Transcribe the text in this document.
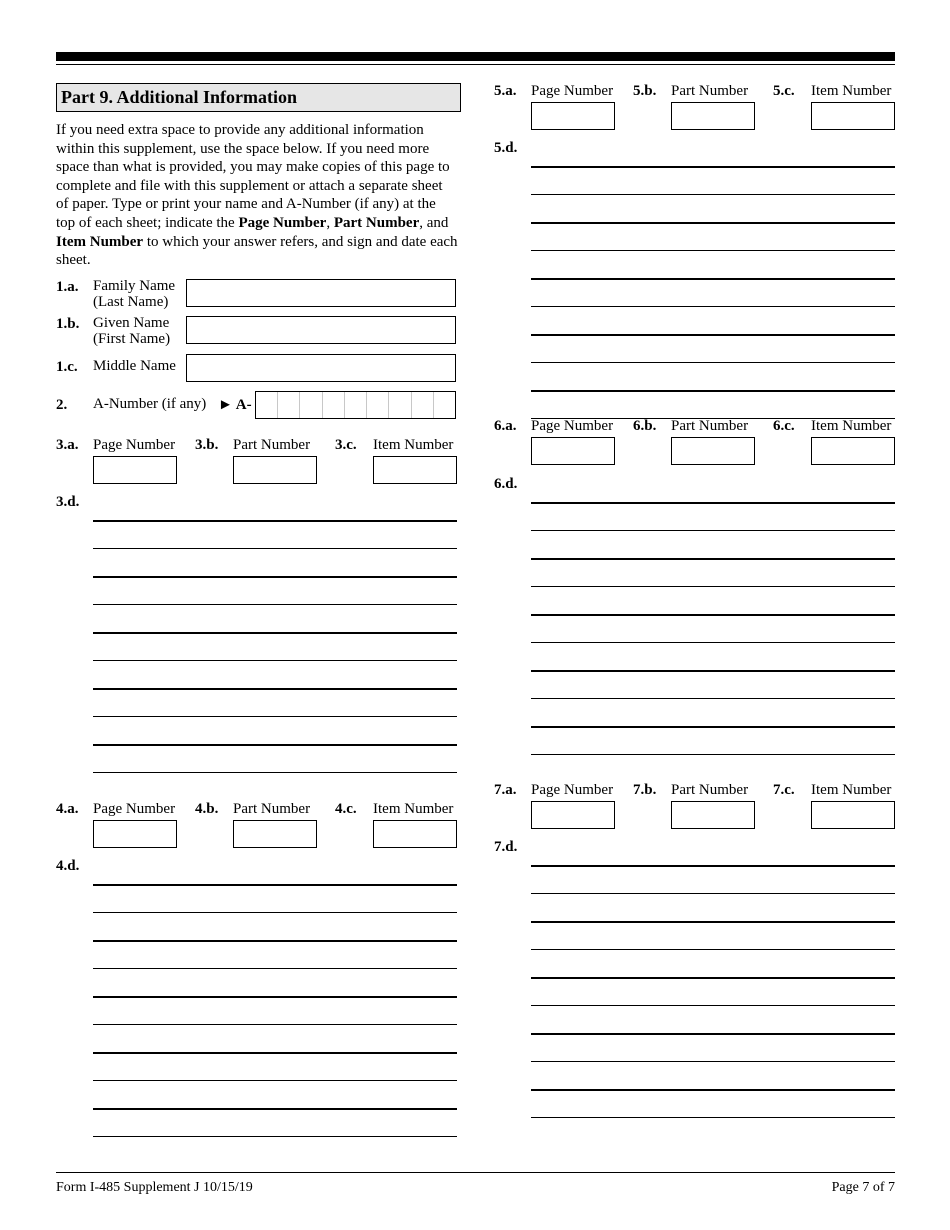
Part 9. Additional Information
If you need extra space to provide any additional information within this supplement, use the space below. If you need more space than what is provided, you may make copies of this page to complete and file with this supplement or attach a separate sheet of paper. Type or print your name and A-Number (if any) at the top of each sheet; indicate the Page Number, Part Number, and Item Number to which your answer refers, and sign and date each sheet.
1.a. Family Name
(Last Name)
1.b. Given Name
(First Name)
1.c. Middle Name
2. A-Number (if any) ► A-
3.a. Page Number 3.b. Part Number 3.c. Item Number
3.d.
4.a. Page Number 4.b. Part Number 4.c. Item Number
4.d.
5.a. Page Number 5.b. Part Number 5.c. Item Number
5.d.
6.a. Page Number 6.b. Part Number 6.c. Item Number
6.d.
7.a. Page Number 7.b. Part Number 7.c. Item Number
7.d.
Form I-485 Supplement J 10/15/19	Page 7 of 7
